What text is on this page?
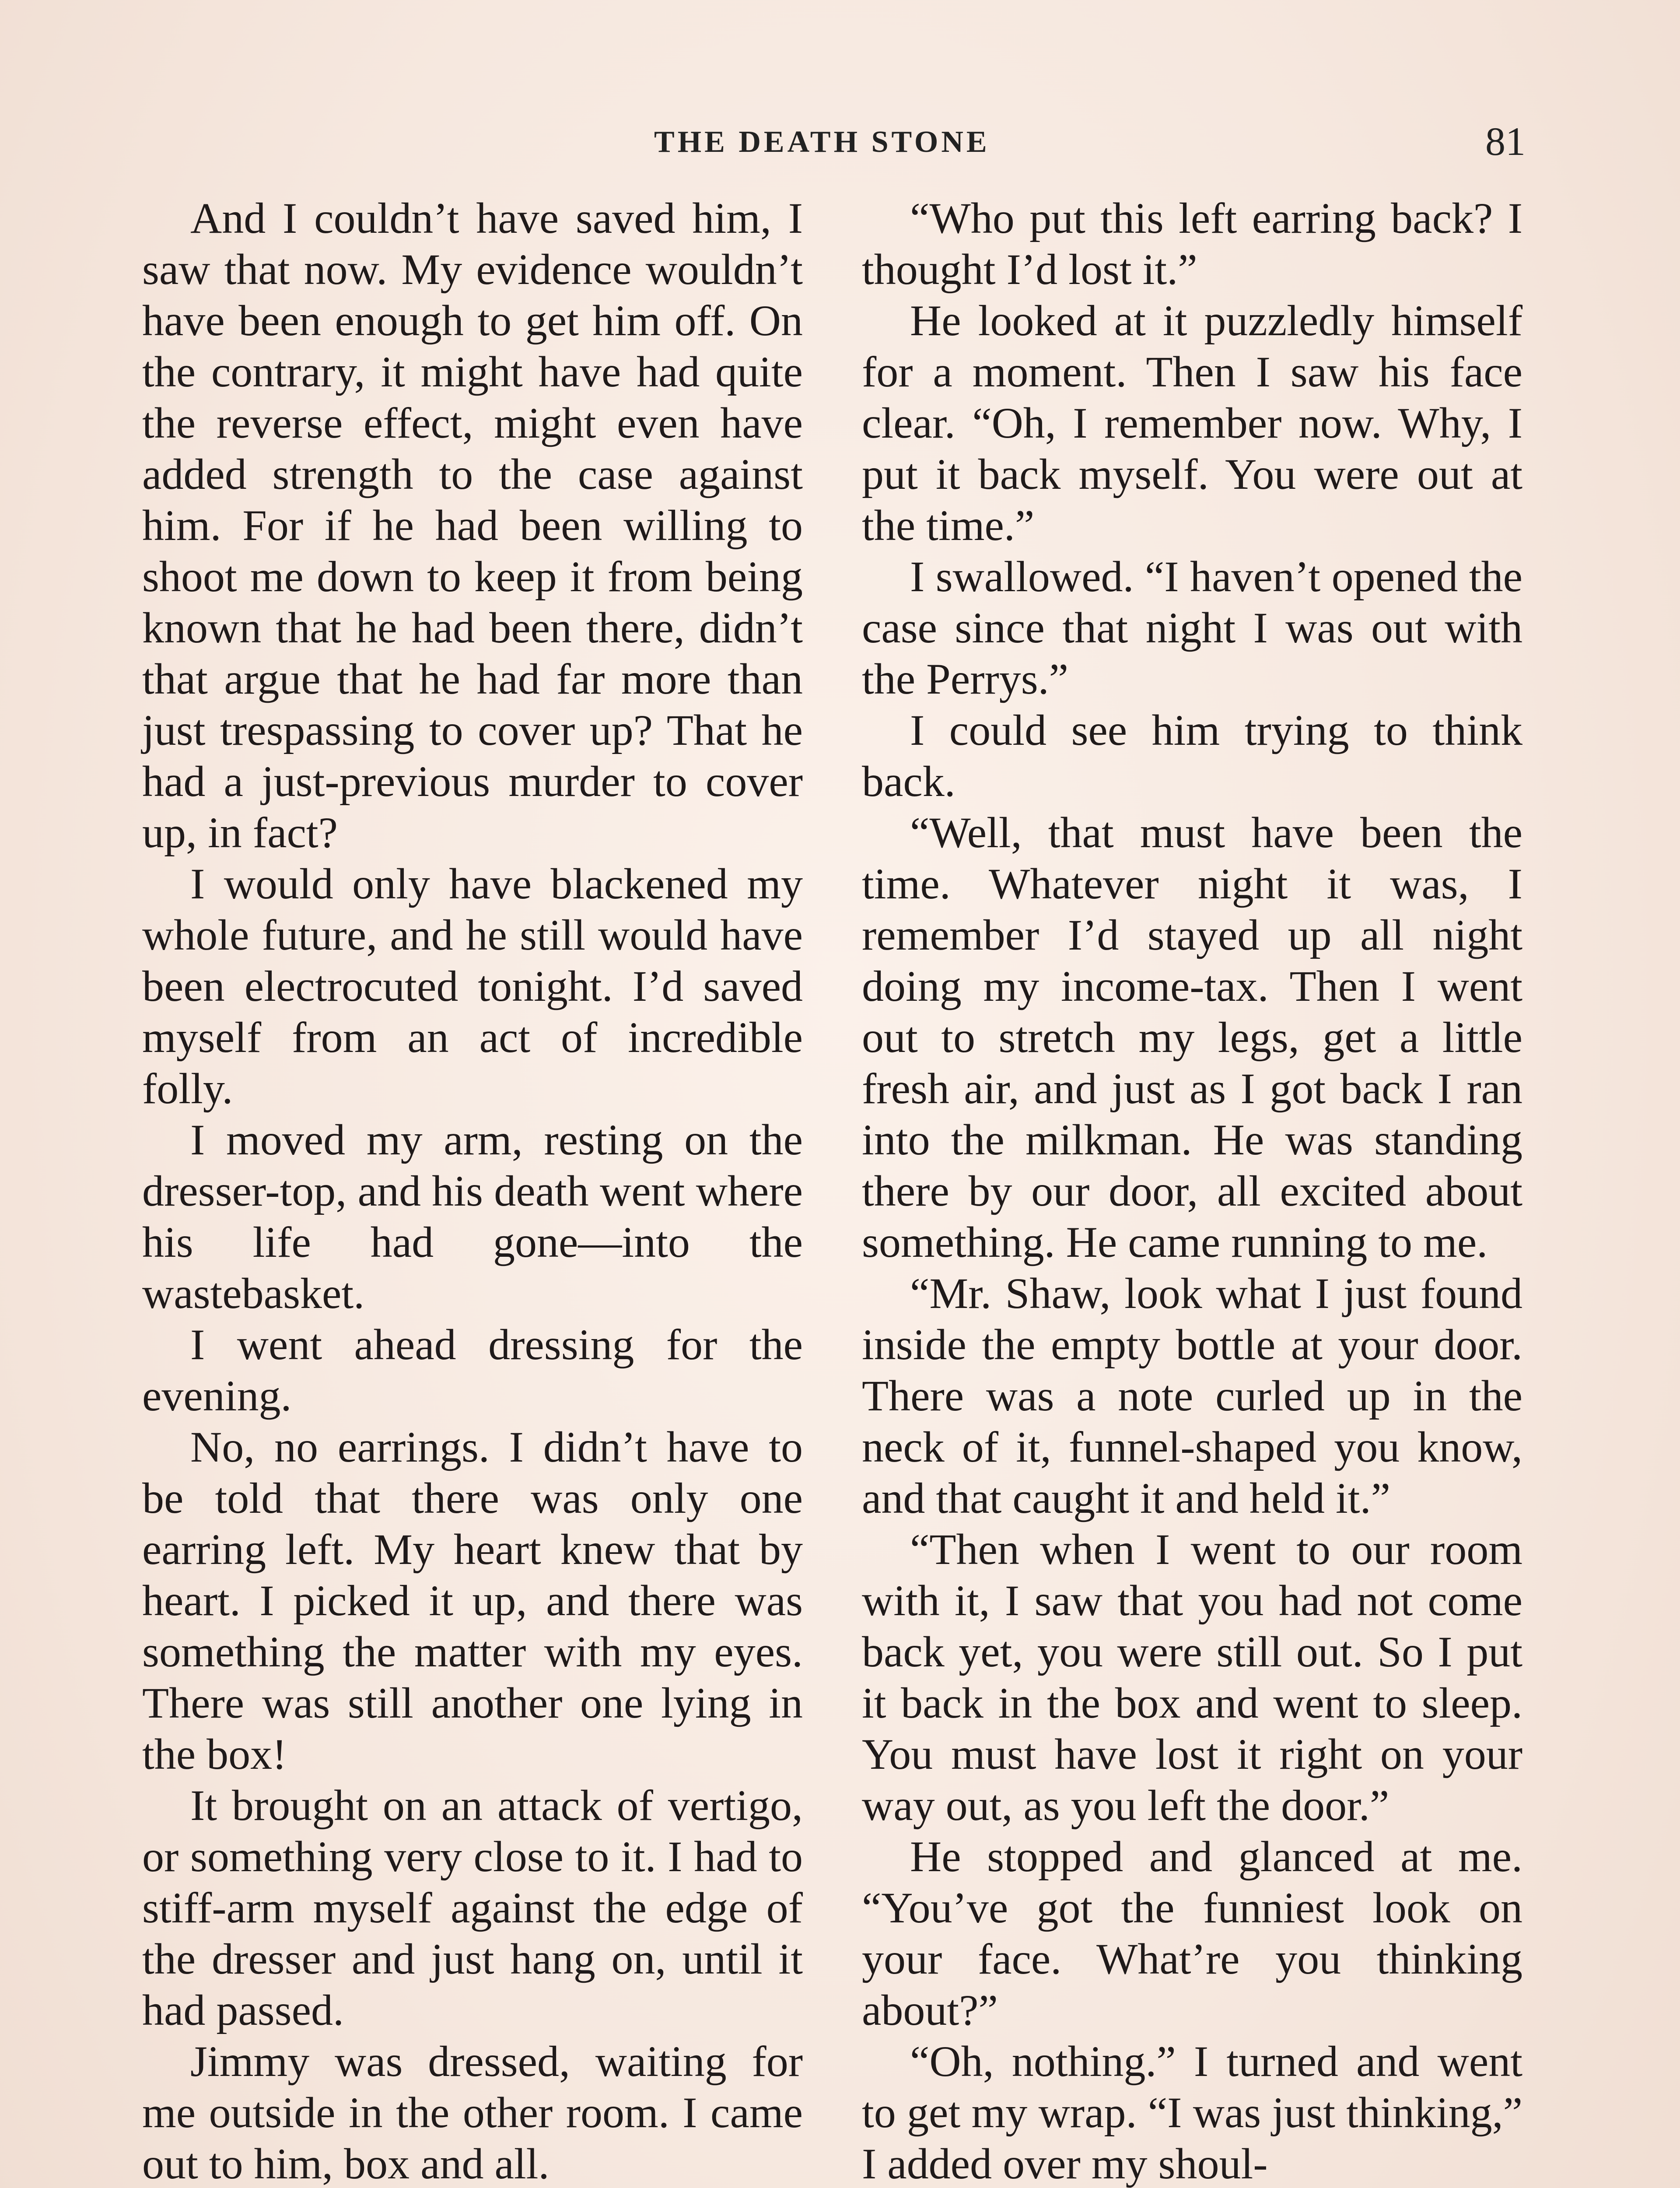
THE DEATH STONE	81

And I couldn’t have saved him, I saw that now. My evidence wouldn’t have been enough to get him off. On the contrary, it might have had quite the reverse effect, might even have added strength to the case against him. For if he had been willing to shoot me down to keep it from being known that he had been there, didn’t that argue that he had far more than just trespassing to cover up? That he had a just-previous murder to cover up, in fact?

I would only have blackened my whole future, and he still would have been electrocuted tonight. I’d saved myself from an act of incredible folly.

I moved my arm, resting on the dresser-top, and his death went where his life had gone—into the wastebasket.

I went ahead dressing for the evening.

No, no earrings. I didn’t have to be told that there was only one earring left. My heart knew that by heart. I picked it up, and there was something the matter with my eyes. There was still another one lying in the box!

It brought on an attack of vertigo, or something very close to it. I had to stiff-arm myself against the edge of the dresser and just hang on, until it had passed.

Jimmy was dressed, waiting for me outside in the other room. I came out to him, box and all.

“Who put this left earring back? I thought I’d lost it.”

He looked at it puzzledly himself for a moment. Then I saw his face clear. “Oh, I remember now. Why, I put it back myself. You were out at the time.”

I swallowed. “I haven’t opened the case since that night I was out with the Perrys.”

I could see him trying to think back.

“Well, that must have been the time. Whatever night it was, I remember I’d stayed up all night doing my income-tax. Then I went out to stretch my legs, get a little fresh air, and just as I got back I ran into the milkman. He was standing there by our door, all excited about something. He came running to me.

“Mr. Shaw, look what I just found inside the empty bottle at your door. There was a note curled up in the neck of it, funnel-shaped you know, and that caught it and held it.”

“Then when I went to our room with it, I saw that you had not come back yet, you were still out. So I put it back in the box and went to sleep. You must have lost it right on your way out, as you left the door.”

He stopped and glanced at me. “You’ve got the funniest look on your face. What’re you thinking about?”

“Oh, nothing.” I turned and went to get my wrap. “I was just thinking,” I added over my shoul-
